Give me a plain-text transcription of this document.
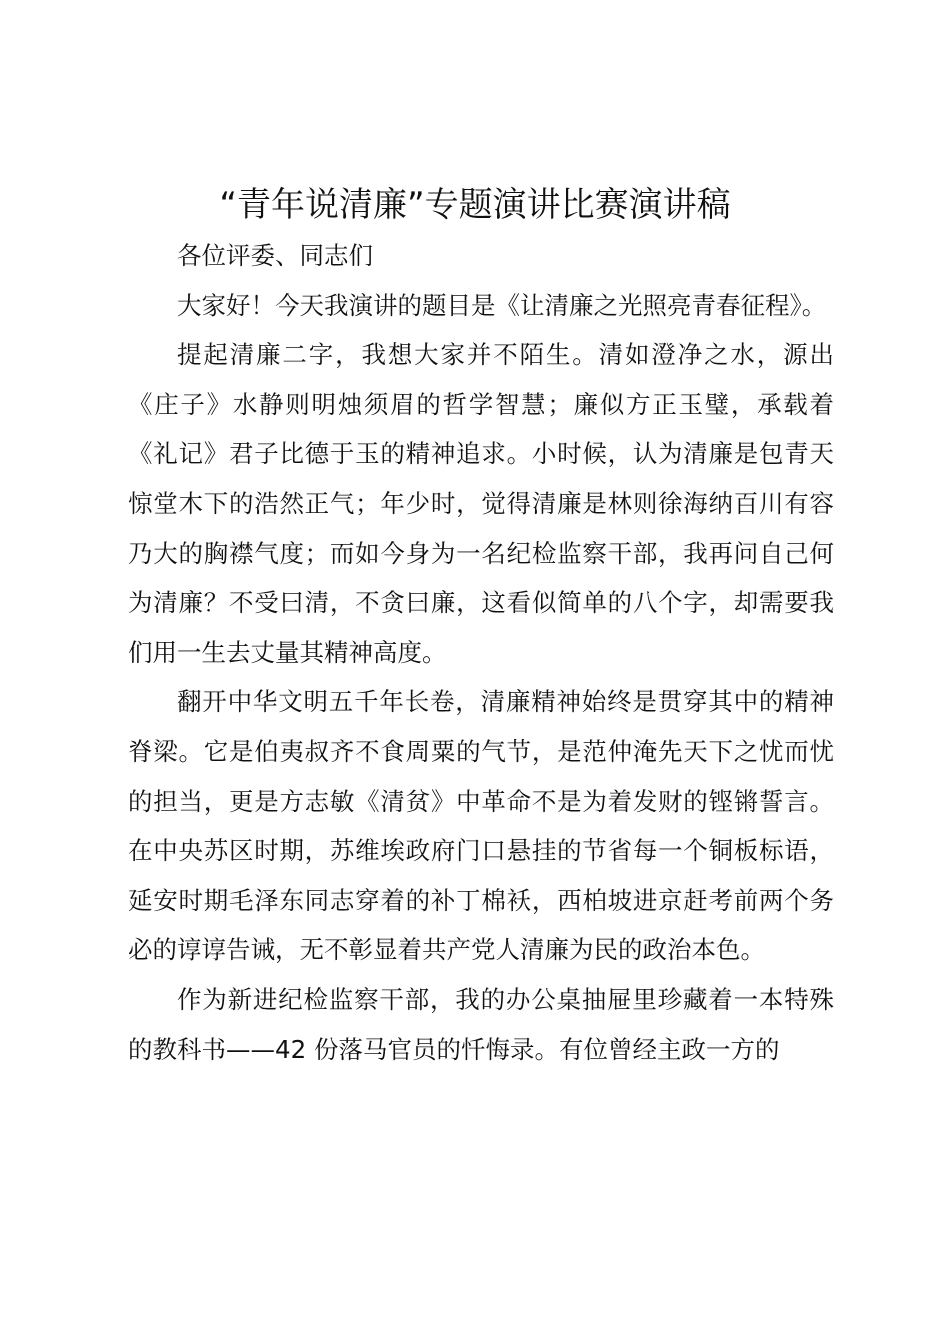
“青年说清廉”专题演讲比赛演讲稿

各位评委、同志们

大家好！今天我演讲的题目是《让清廉之光照亮青春征程》。

提起清廉二字，我想大家并不陌生。清如澄净之水，源出《庄子》水静则明烛须眉的哲学智慧；廉似方正玉璧，承载着《礼记》君子比德于玉的精神追求。小时候，认为清廉是包青天惊堂木下的浩然正气；年少时，觉得清廉是林则徐海纳百川有容乃大的胸襟气度；而如今身为一名纪检监察干部，我再问自己何为清廉？不受曰清，不贪曰廉，这看似简单的八个字，却需要我们用一生去丈量其精神高度。

翻开中华文明五千年长卷，清廉精神始终是贯穿其中的精神脊梁。它是伯夷叔齐不食周粟的气节，是范仲淹先天下之忧而忧的担当，更是方志敏《清贫》中革命不是为着发财的铿锵誓言。在中央苏区时期，苏维埃政府门口悬挂的节省每一个铜板标语，延安时期毛泽东同志穿着的补丁棉袄，西柏坡进京赶考前两个务必的谆谆告诫，无不彰显着共产党人清廉为民的政治本色。

作为新进纪检监察干部，我的办公桌抽屉里珍藏着一本特殊的教科书——42 份落马官员的忏悔录。有位曾经主政一方的
